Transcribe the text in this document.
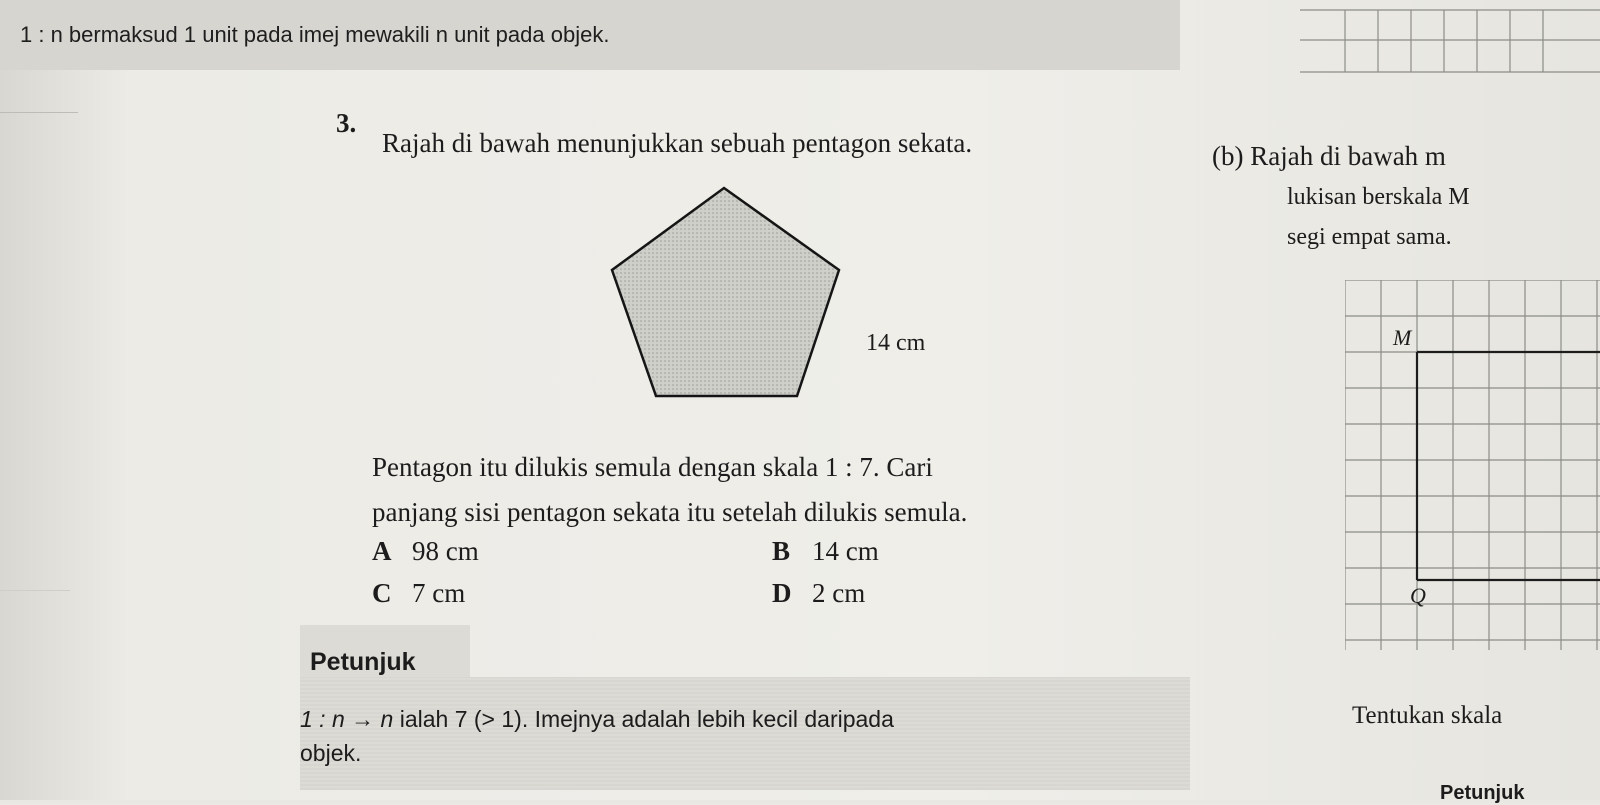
1 : n bermaksud 1 unit pada imej mewakili n unit pada objek.
3.
Rajah di bawah menunjukkan sebuah pentagon sekata.
14 cm
Pentagon itu dilukis semula dengan skala 1 : 7. Cari
panjang sisi pentagon sekata itu setelah dilukis semula.
A 98 cm	B 14 cm
C 7 cm	D 2 cm
Petunjuk
1 : n → n ialah 7 (> 1). Imejnya adalah lebih kecil daripada
objek.
(b) Rajah di bawah m
lukisan berskala M
segi empat sama.
M
Q
Tentukan skala
Petunjuk
